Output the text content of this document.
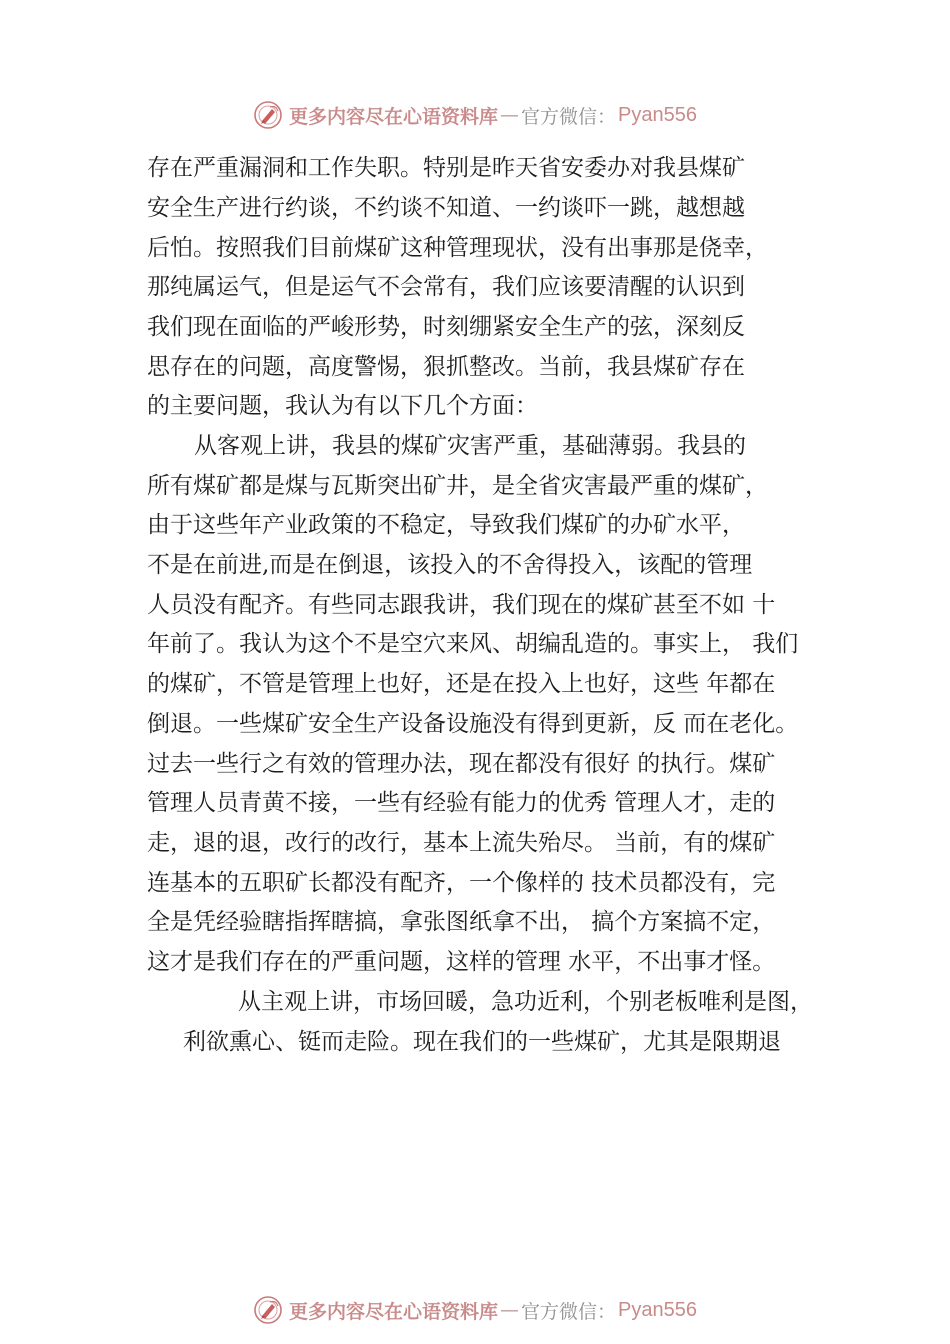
更多内容尽在心语资料库 — 官方微信： Pyan556
存在严重漏洞和工作失职。特别是昨天省安委办对我县煤矿
安全生产进行约谈，不约谈不知道、一约谈吓一跳，越想越
后怕。按照我们目前煤矿这种管理现状，没有出事那是侥幸，
那纯属运气，但是运气不会常有，我们应该要清醒的认识到
我们现在面临的严峻形势，时刻绷紧安全生产的弦，深刻反
思存在的问题，高度警惕，狠抓整改。当前，我县煤矿存在
的主要问题，我认为有以下几个方面：
从客观上讲，我县的煤矿灾害严重，基础薄弱。我县的
所有煤矿都是煤与瓦斯突出矿井，是全省灾害最严重的煤矿，
由于这些年产业政策的不稳定，导致我们煤矿的办矿水平，
不是在前进,而是在倒退，该投入的不舍得投入，该配的管理
人员没有配齐。有些同志跟我讲，我们现在的煤矿甚至不如 十
年前了。我认为这个不是空穴来风、胡编乱造的。事实上， 我们
的煤矿，不管是管理上也好，还是在投入上也好，这些 年都在
倒退。一些煤矿安全生产设备设施没有得到更新，反 而在老化。
过去一些行之有效的管理办法，现在都没有很好 的执行。煤矿
管理人员青黄不接，一些有经验有能力的优秀 管理人才，走的
走，退的退，改行的改行，基本上流失殆尽。 当前，有的煤矿
连基本的五职矿长都没有配齐，一个像样的 技术员都没有，完
全是凭经验瞎指挥瞎搞，拿张图纸拿不出， 搞个方案搞不定，
这才是我们存在的严重问题，这样的管理 水平，不出事才怪。
从主观上讲，市场回暖，急功近利，个别老板唯利是图，
利欲熏心、铤而走险。现在我们的一些煤矿，尤其是限期退
更多内容尽在心语资料库 — 官方微信： Pyan556
